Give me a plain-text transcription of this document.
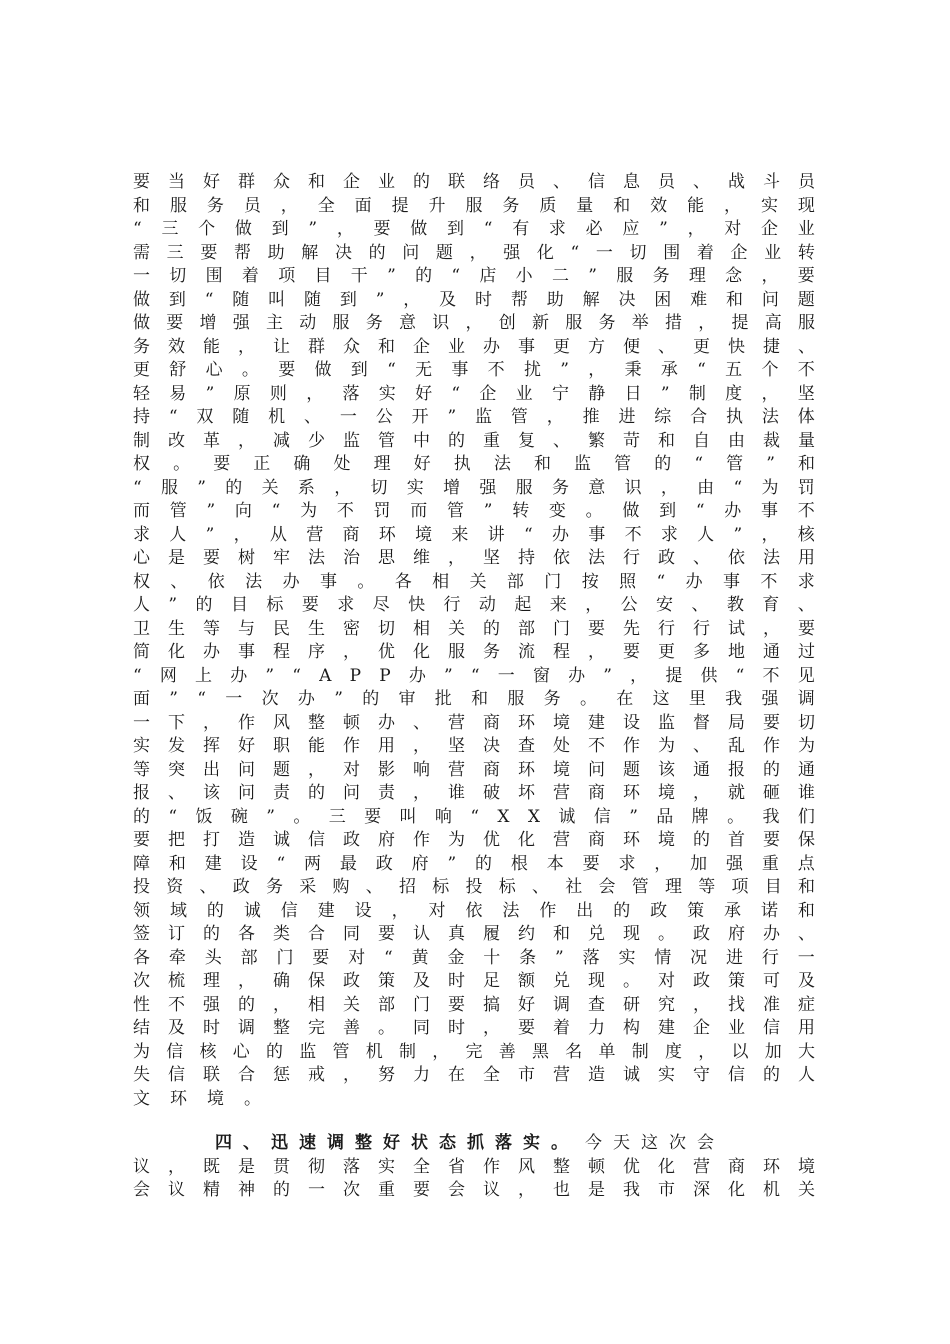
要 当 好 群 众 和 企 业 的 联 络 员 、 信 息 员 、 战 斗 员
和 服 务 员 ， 全 面 提 升 服 务 质 量 和 效 能 ， 实 现
“ 三 个 做 到 ” ， 要 做 到 “ 有 求 必 应 ” ， 对 企 业
需 三 要 帮 助 解 决 的 问 题 ， 强 化 “ 一 切 围 着 企 业 转
一 切 围 着 项 目 干 ” 的 “ 店 小 二 ” 服 务 理 念 ， 要
做 到 “ 随 叫 随 到 ” ， 及 时 帮 助 解 决 困 难 和 问 题
做 要 增 强 主 动 服 务 意 识 ， 创 新 服 务 举 措 ， 提 高 服
务 效 能 ， 让 群 众 和 企 业 办 事 更 方 便 、 更 快 捷 、
更 舒 心 。 要 做 到 “ 无 事 不 扰 ” ， 秉 承 “ 五 个 不
轻 易 ” 原 则 ， 落 实 好 “ 企 业 宁 静 日 ” 制 度 ， 坚
持 “ 双 随 机 、 一 公 开 ” 监 管 ， 推 进 综 合 执 法 体
制 改 革 ， 减 少 监 管 中 的 重 复 、 繁 苛 和 自 由 裁 量
权 。 要 正 确 处 理 好 执 法 和 监 管 的 “ 管 ” 和
“ 服 ” 的 关 系 ， 切 实 增 强 服 务 意 识 ， 由 “ 为 罚
而 管 ” 向 “ 为 不 罚 而 管 ” 转 变 。 做 到 “ 办 事 不
求 人 ” ， 从 营 商 环 境 来 讲 “ 办 事 不 求 人 ” ， 核
心 是 要 树 牢 法 治 思 维 ， 坚 持 依 法 行 政 、 依 法 用
权 、 依 法 办 事 。 各 相 关 部 门 按 照 “ 办 事 不 求
人 ” 的 目 标 要 求 尽 快 行 动 起 来 ， 公 安 、 教 育 、
卫 生 等 与 民 生 密 切 相 关 的 部 门 要 先 行 行 试 ， 要
简 化 办 事 程 序 ， 优 化 服 务 流 程 ， 要 更 多 地 通 过
“ 网 上 办 ” “ A P P 办 ” “ 一 窗 办 ” ， 提 供 “ 不 见
面 ” “ 一 次 办 ” 的 审 批 和 服 务 。 在 这 里 我 强 调
一 下 ， 作 风 整 顿 办 、 营 商 环 境 建 设 监 督 局 要 切
实 发 挥 好 职 能 作 用 ， 坚 决 查 处 不 作 为 、 乱 作 为
等 突 出 问 题 ， 对 影 响 营 商 环 境 问 题 该 通 报 的 通
报 、 该 问 责 的 问 责 ， 谁 破 坏 营 商 环 境 ， 就 砸 谁
的 “ 饭 碗 ” 。 三 要 叫 响 “ X X 诚 信 ” 品 牌 。 我 们
要 把 打 造 诚 信 政 府 作 为 优 化 营 商 环 境 的 首 要 保
障 和 建 设 “ 两 最 政 府 ” 的 根 本 要 求 ， 加 强 重 点
投 资 、 政 务 采 购 、 招 标 投 标 、 社 会 管 理 等 项 目 和
领 域 的 诚 信 建 设 ， 对 依 法 作 出 的 政 策 承 诺 和
签 订 的 各 类 合 同 要 认 真 履 约 和 兑 现 。 政 府 办 、
各 牵 头 部 门 要 对 “ 黄 金 十 条 ” 落 实 情 况 进 行 一
次 梳 理 ， 确 保 政 策 及 时 足 额 兑 现 。 对 政 策 可 及
性 不 强 的 ， 相 关 部 门 要 搞 好 调 查 研 究 ， 找 准 症
结 及 时 调 整 完 善 。 同 时 ， 要 着 力 构 建 企 业 信 用
为 信 核 心 的 监 管 机 制 ， 完 善 黑 名 单 制 度 ， 以 加 大
失 信 联 合 惩 戒 ， 努 力 在 全 市 营 造 诚 实 守 信 的 人
文 环 境 。
四、迅速调整好状态抓落实。 今天这次会
议 ， 既 是 贯 彻 落 实 全 省 作 风 整 顿 优 化 营 商 环 境
会 议 精 神 的 一 次 重 要 会 议 ， 也 是 我 市 深 化 机 关
